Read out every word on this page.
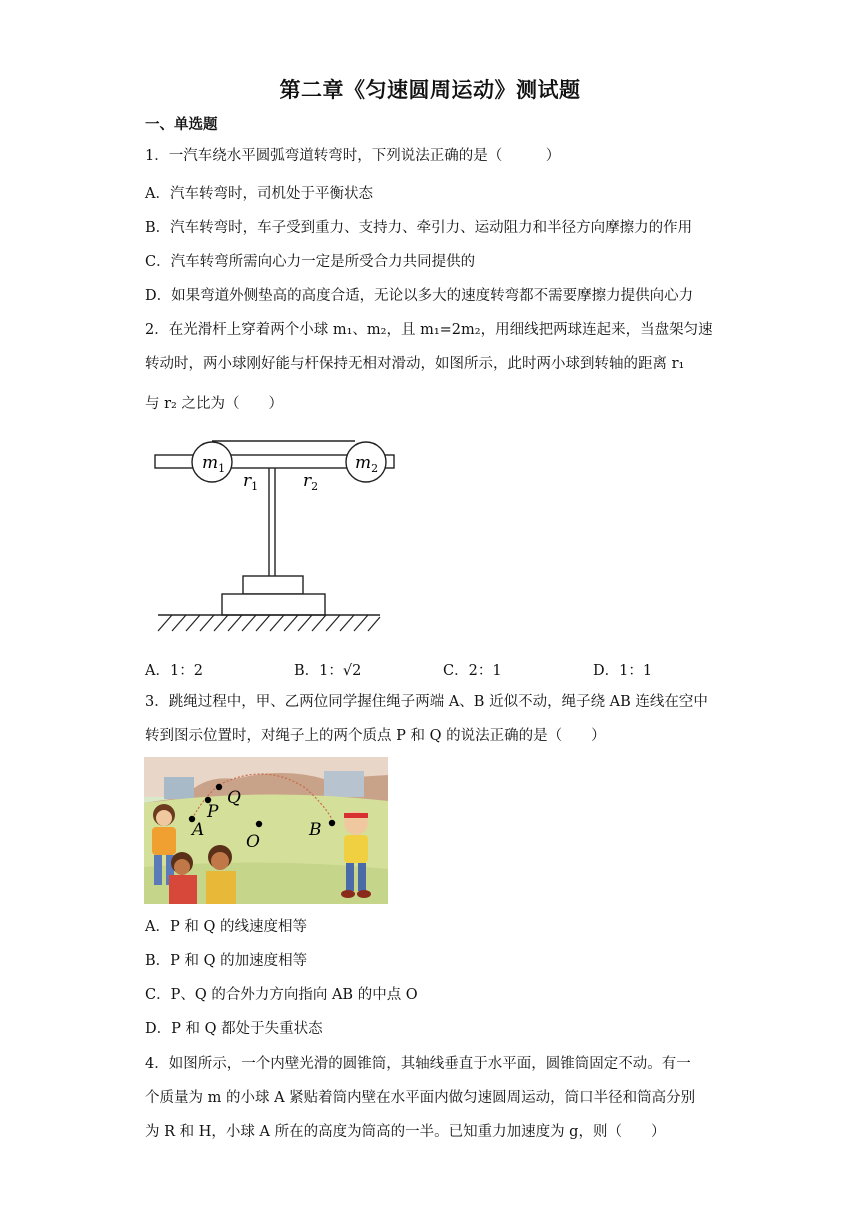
第二章《匀速圆周运动》测试题
一、单选题
1．一汽车绕水平圆弧弯道转弯时，下列说法正确的是（　　　）
A．汽车转弯时，司机处于平衡状态
B．汽车转弯时，车子受到重力、支持力、牵引力、运动阻力和半径方向摩擦力的作用
C．汽车转弯所需向心力一定是所受合力共同提供的
D．如果弯道外侧垫高的高度合适，无论以多大的速度转弯都不需要摩擦力提供向心力
2．在光滑杆上穿着两个小球 m₁、m₂，且 m₁=2m₂，用细线把两球连起来，当盘架匀速
转动时，两小球刚好能与杆保持无相对滑动，如图所示，此时两小球到转轴的距离 r₁
与 r₂ 之比为（　　）
$m_1$	$m_2$
$r_1$	$r_2$
A．1：2	B．1：√2	C．2：1	D．1：1
3．跳绳过程中，甲、乙两位同学握住绳子两端 A、B 近似不动，绳子绕 AB 连线在空中
转到图示位置时，对绳子上的两个质点 P 和 Q 的说法正确的是（　　）
A
P
Q
O
B
A．P 和 Q 的线速度相等
B．P 和 Q 的加速度相等
C．P、Q 的合外力方向指向 AB 的中点 O
D．P 和 Q 都处于失重状态
4．如图所示，一个内壁光滑的圆锥筒，其轴线垂直于水平面，圆锥筒固定不动。有一
个质量为 m 的小球 A 紧贴着筒内壁在水平面内做匀速圆周运动，筒口半径和筒高分别
为 R 和 H，小球 A 所在的高度为筒高的一半。已知重力加速度为 g，则（　　）
